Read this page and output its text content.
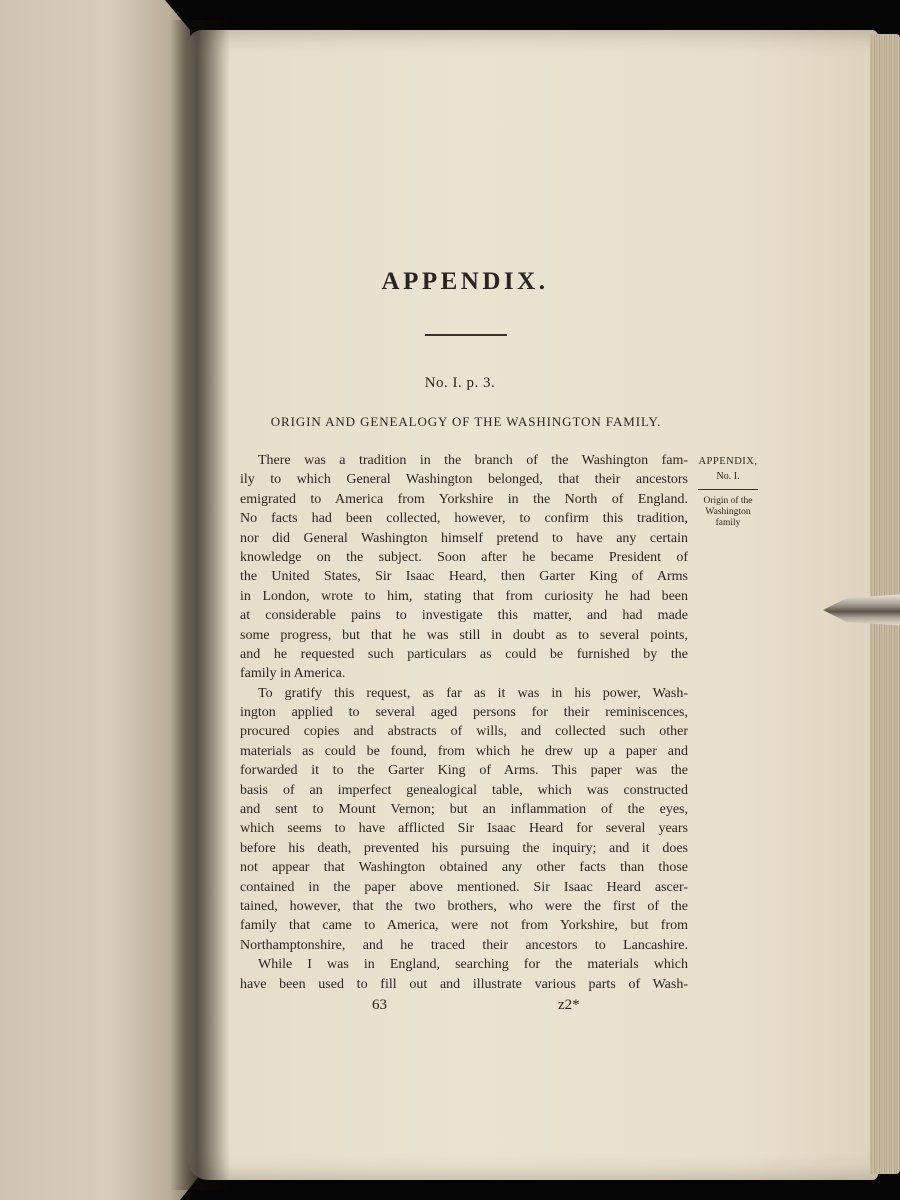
APPENDIX.
No. I. p. 3.
ORIGIN AND GENEALOGY OF THE WASHINGTON FAMILY.
There was a tradition in the branch of the Washington fam-
ily to which General Washington belonged, that their ancestors
emigrated to America from Yorkshire in the North of England.
No facts had been collected, however, to confirm this tradition,
nor did General Washington himself pretend to have any certain
knowledge on the subject. Soon after he became President of
the United States, Sir Isaac Heard, then Garter King of Arms
in London, wrote to him, stating that from curiosity he had been
at considerable pains to investigate this matter, and had made
some progress, but that he was still in doubt as to several points,
and he requested such particulars as could be furnished by the
family in America.
To gratify this request, as far as it was in his power, Wash-
ington applied to several aged persons for their reminiscences,
procured copies and abstracts of wills, and collected such other
materials as could be found, from which he drew up a paper and
forwarded it to the Garter King of Arms. This paper was the
basis of an imperfect genealogical table, which was constructed
and sent to Mount Vernon; but an inflammation of the eyes,
which seems to have afflicted Sir Isaac Heard for several years
before his death, prevented his pursuing the inquiry; and it does
not appear that Washington obtained any other facts than those
contained in the paper above mentioned. Sir Isaac Heard ascer-
tained, however, that the two brothers, who were the first of the
family that came to America, were not from Yorkshire, but from
Northamptonshire, and he traced their ancestors to Lancashire.
While I was in England, searching for the materials which
have been used to fill out and illustrate various parts of Wash-
63	z2*
APPENDIX,
No. I.
Origin of the
Washington
family
